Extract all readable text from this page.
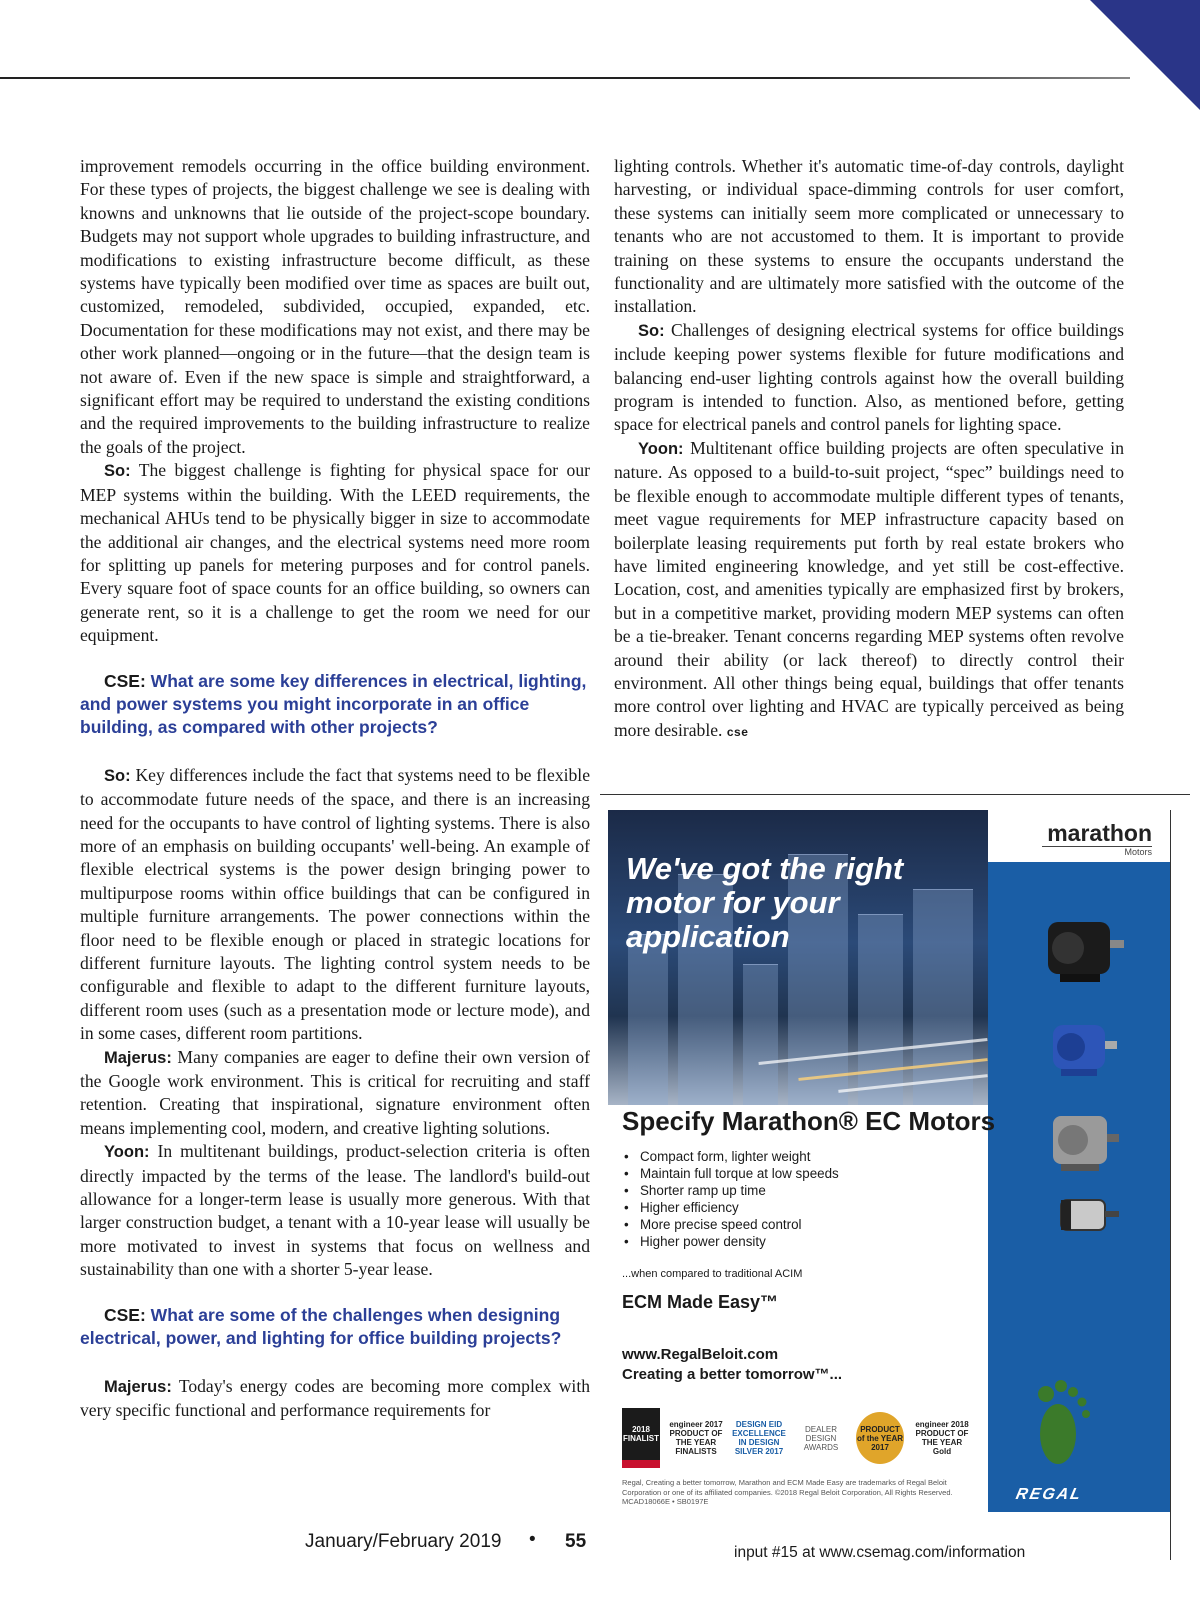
improvement remodels occurring in the office building environment. For these types of projects, the biggest challenge we see is dealing with knowns and unknowns that lie outside of the project-scope boundary. Budgets may not support whole upgrades to building infrastructure, and modifications to existing infrastructure become difficult, as these systems have typically been modified over time as spaces are built out, customized, remodeled, subdivided, occupied, expanded, etc. Documentation for these modifications may not exist, and there may be other work planned—ongoing or in the future—that the design team is not aware of. Even if the new space is simple and straightforward, a significant effort may be required to understand the existing conditions and the required improvements to the building infrastructure to realize the goals of the project.

So: The biggest challenge is fighting for physical space for our MEP systems within the building. With the LEED requirements, the mechanical AHUs tend to be physically bigger in size to accommodate the additional air changes, and the electrical systems need more room for splitting up panels for metering purposes and for control panels. Every square foot of space counts for an office building, so owners can generate rent, so it is a challenge to get the room we need for our equipment.

CSE: What are some key differences in electrical, lighting, and power systems you might incorporate in an office building, as compared with other projects?

So: Key differences include the fact that systems need to be flexible to accommodate future needs of the space, and there is an increasing need for the occupants to have control of lighting systems. There is also more of an emphasis on building occupants' well-being. An example of flexible electrical systems is the power design bringing power to multipurpose rooms within office buildings that can be configured in multiple furniture arrangements. The power connections within the floor need to be flexible enough or placed in strategic locations for different furniture layouts. The lighting control system needs to be configurable and flexible to adapt to the different furniture layouts, different room uses (such as a presentation mode or lecture mode), and in some cases, different room partitions.

Majerus: Many companies are eager to define their own version of the Google work environment. This is critical for recruiting and staff retention. Creating that inspirational, signature environment often means implementing cool, modern, and creative lighting solutions.

Yoon: In multitenant buildings, product-selection criteria is often directly impacted by the terms of the lease. The landlord's build-out allowance for a longer-term lease is usually more generous. With that larger construction budget, a tenant with a 10-year lease will usually be more motivated to invest in systems that focus on wellness and sustainability than one with a shorter 5-year lease.

CSE: What are some of the challenges when designing electrical, power, and lighting for office building projects?

Majerus: Today's energy codes are becoming more complex with very specific functional and performance requirements for

lighting controls. Whether it's automatic time-of-day controls, daylight harvesting, or individual space-dimming controls for user comfort, these systems can initially seem more complicated or unnecessary to tenants who are not accustomed to them. It is important to provide training on these systems to ensure the occupants understand the functionality and are ultimately more satisfied with the outcome of the installation.

So: Challenges of designing electrical systems for office buildings include keeping power systems flexible for future modifications and balancing end-user lighting controls against how the overall building program is intended to function. Also, as mentioned before, getting space for electrical panels and control panels for lighting space.

Yoon: Multitenant office building projects are often speculative in nature. As opposed to a build-to-suit project, “spec” buildings need to be flexible enough to accommodate multiple different types of tenants, meet vague requirements for MEP infrastructure capacity based on boilerplate leasing requirements put forth by real estate brokers who have limited engineering knowledge, and yet still be cost-effective. Location, cost, and amenities typically are emphasized first by brokers, but in a competitive market, providing modern MEP systems can often be a tie-breaker. Tenant concerns regarding MEP systems often revolve around their ability (or lack thereof) to directly control their environment. All other things being equal, buildings that offer tenants more control over lighting and HVAC are typically perceived as being more desirable. cse

We've got the right motor for your application
marathon
Motors
Specify Marathon® EC Motors
• Compact form, lighter weight
• Maintain full torque at low speeds
• Shorter ramp up time
• Higher efficiency
• More precise speed control
• Higher power density
...when compared to traditional ACIM
ECM Made Easy™
www.RegalBeloit.com
Creating a better tomorrow™...
2018 FINALIST
engineer 2017 PRODUCT OF THE YEAR FINALISTS
DESIGN EID EXCELLENCE IN DESIGN SILVER 2017
DEALER DESIGN AWARDS
PRODUCT of the YEAR 2017
engineer 2018 PRODUCT OF THE YEAR Gold
Regal, Creating a better tomorrow, Marathon and ECM Made Easy are trademarks of Regal Beloit Corporation or one of its affiliated companies. ©2018 Regal Beloit Corporation, All Rights Reserved. MCAD18066E • SB0197E	REGAL
January/February 2019 • 55
input #15 at www.csemag.com/information
